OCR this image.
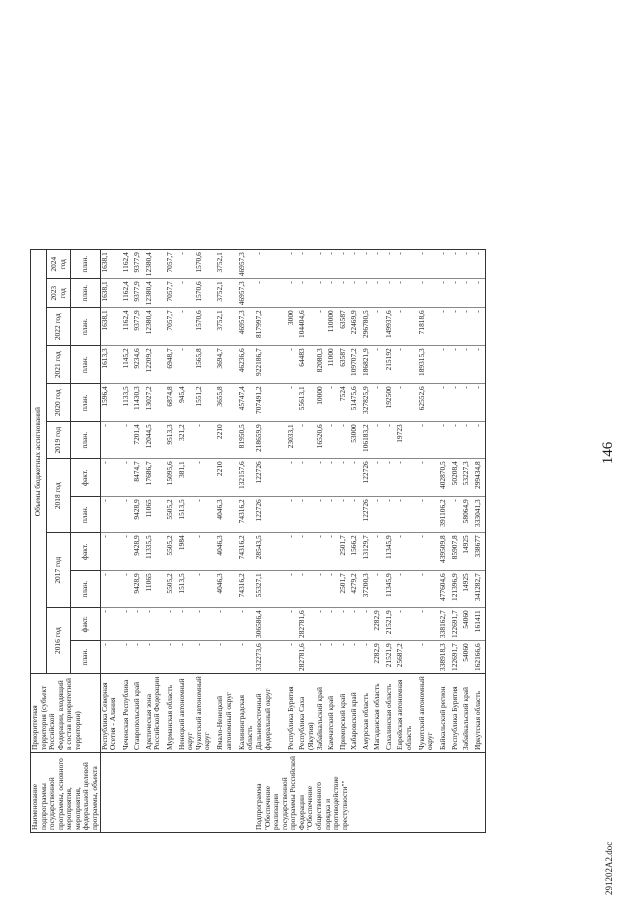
146
291202A2.doc
Наименование подпрограммы государственной программы, основного мероприятия, мероприятия, федеральной целевой программы, объекта	Приоритетная территория (субъект Российской Федерации, входящий в состав приоритетной территории)	Объемы бюджетных ассигнований											
		2016 год		2017 год		2018 год		2019 год	2020 год	2021 год	2022 год	2023 год	2024 год
		план.	факт.	план.	факт.	план.	факт.	план.	план.	план.	план.	план.	план.
	Республика Северная Осетия - Алания	-	-	-	-	-	-	-	1596,4	1613,3	1638,1	1638,1	1638,1
	Чеченская Республика	-	-	-	-	-	-	-	1133,5	1145,2	1162,4	1162,4	1162,4
	Ставропольский край	-	-	9428,9	9428,9	9428,9	8474,7	7201,4	11430,3	9234,6	9377,9	9377,9	9377,9
	Арктическая зона Российской Федерации	-	-	11065	11335,5	11065	17686,7	12044,5	13027,2	12209,2	12380,4	12380,4	12380,4
	Мурманская область	-	-	5505,2	5505,2	5505,2	15095,6	9513,3	6874,8	6948,7	7057,7	7057,7	7057,7
	Ненецкий автономный округ	-	-	1513,5	1984	1513,5	381,1	321,2	945,4	-	-	-	-
	Чукотский автономный округ	-	-	-	-	-	-	-	1551,2	1565,8	1570,6	1570,6	1570,6
	Ямало-Ненецкий автономный округ	-	-	4046,3	4046,3	4046,3	2210	2210	3655,8	3694,7	3752,1	3752,1	3752,1
	Калининградская область	-	-	74316,2	74316,2	74316,2	132157,6	81950,5	45747,4	46236,6	46957,3	46957,3	46957,3

Подпрограмма "Обеспечение реализации государственной программы Российской Федерации "Обеспечение общественного порядка и противодействие преступности""	Дальневосточный федеральный округ	332273,6	306586,4	55327,1	28543,5	122726	122726	218659,9	707491,2	922186,7	817997,2	-	-
	Республика Бурятия	-	-	-	-	-	-	23033,1	-	-	3000	-	-
	Республика Саха (Якутия)	282781,6	282781,6	-	-	-	-	-	55613,1	64483	104404,6	-	-
	Забайкальский край	-	-	-	-	-	-	16520,6	10000	82080,3	-	-	-
	Камчатский край	-	-	-	-	-	-	-	-	11000	110000	-	-
	Приморский край	-	-	2501,7	2501,7	-	-	-	7524	63587	63587	-	-
	Хабаровский край	-	-	4279,2	1566,2	-	-	53000	51475,6	109707,2	22469,9	-	-
	Амурская область	-	-	37200,3	13129,7	122726	122726	106183,2	327825,9	186821,9	296780,5	-	-
	Магаданская область	2282,9	2282,9	-	-	-	-	-	-	-	-	-	-
	Сахалинская область	21521,9	21521,9	11345,9	11345,9	-	-	-	192500	215192	149937,6	-	-
	Еврейская автономная область	25687,2	-	-	-	-	-	19723	-	-	-	-	-
	Чукотский автономный округ	-	-	-	-	-	-	-	62552,6	189315,3	71818,6	-	-
	Байкальский регион	338918,3	338162,7	477604,6	439509,8	391106,2	402870,5	-	-	-	-	-	-
	Республика Бурятия	122691,7	122691,7	121396,9	85907,8	-	50208,4	-	-	-	-	-	-
	Забайкальский край	54060	54060	14925	14925	58064,9	53227,3	-	-	-	-	-	-
	Иркутская область	162166,6	161411	341282,7	338677	333041,3	299434,8	-	-	-	-	-	-
